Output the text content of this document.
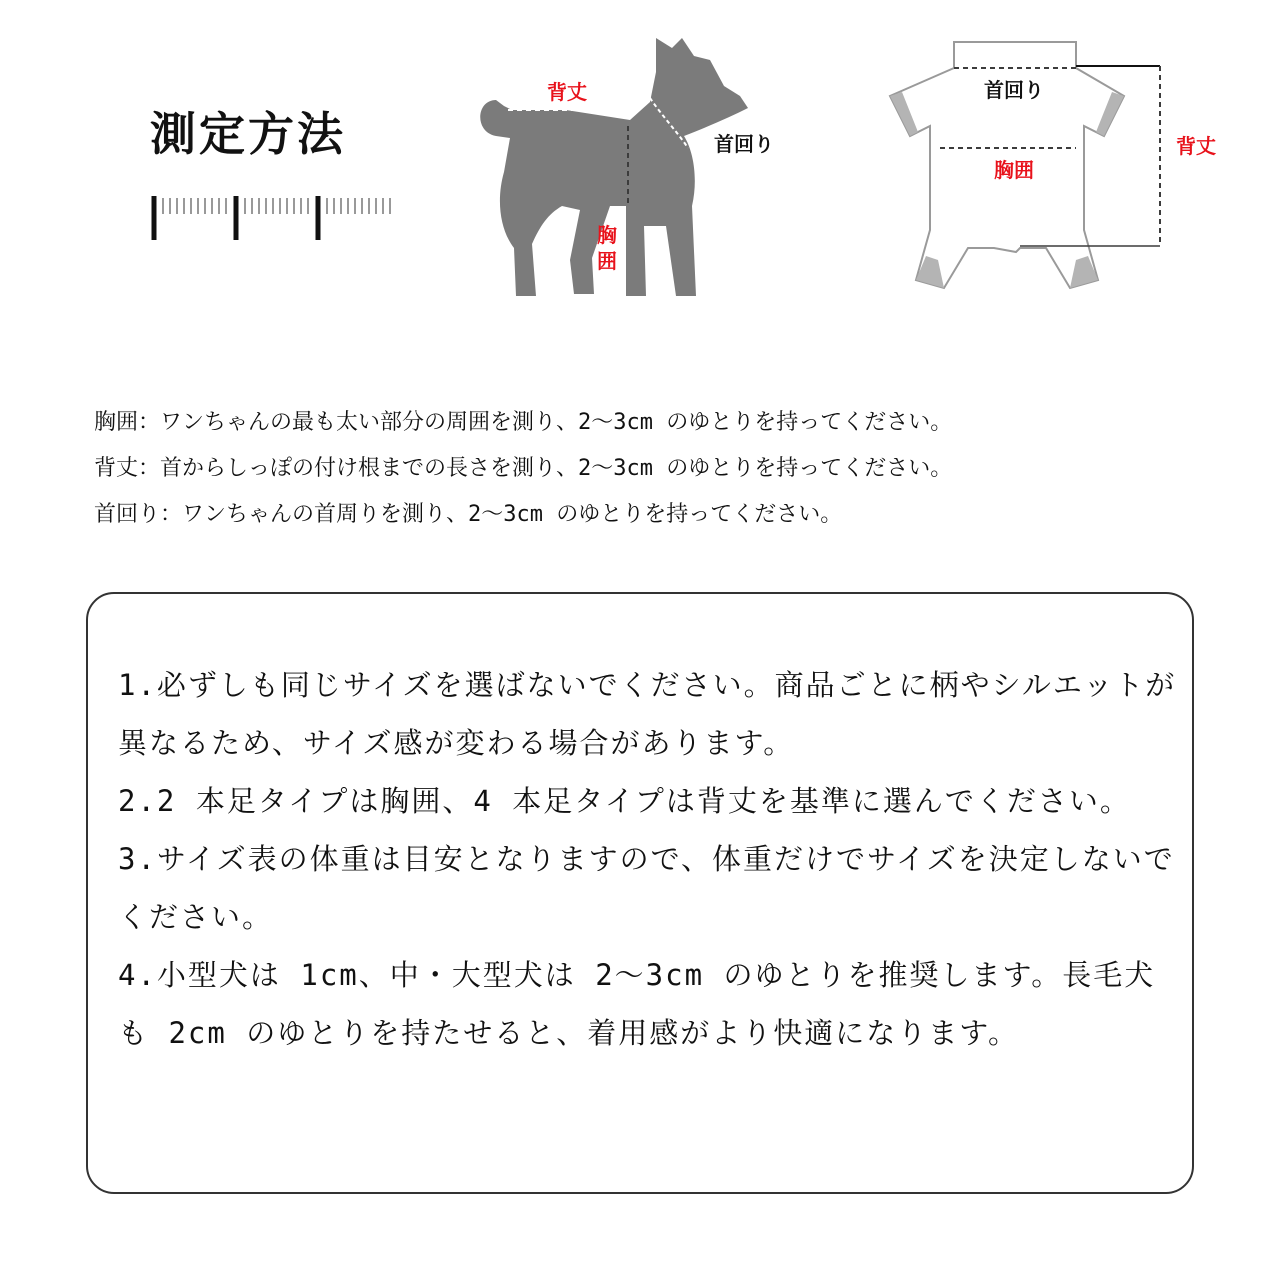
測定方法
背丈
首回り
胸囲
首回り
背丈
胸囲
胸囲：ワンちゃんの最も太い部分の周囲を測り、2～3cm のゆとりを持ってください。
背丈：首からしっぽの付け根までの長さを測り、2～3cm のゆとりを持ってください。
首回り：ワンちゃんの首周りを測り、2～3cm のゆとりを持ってください。
1.必ずしも同じサイズを選ばないでください。商品ごとに柄やシルエットが異なるため、サイズ感が変わる場合があります。
2.2 本足タイプは胸囲、4 本足タイプは背丈を基準に選んでください。
3.サイズ表の体重は目安となりますので、体重だけでサイズを決定しないでください。
4.小型犬は 1cm、中・大型犬は 2～3cm のゆとりを推奨します。長毛犬も 2cm のゆとりを持たせると、着用感がより快適になります。
